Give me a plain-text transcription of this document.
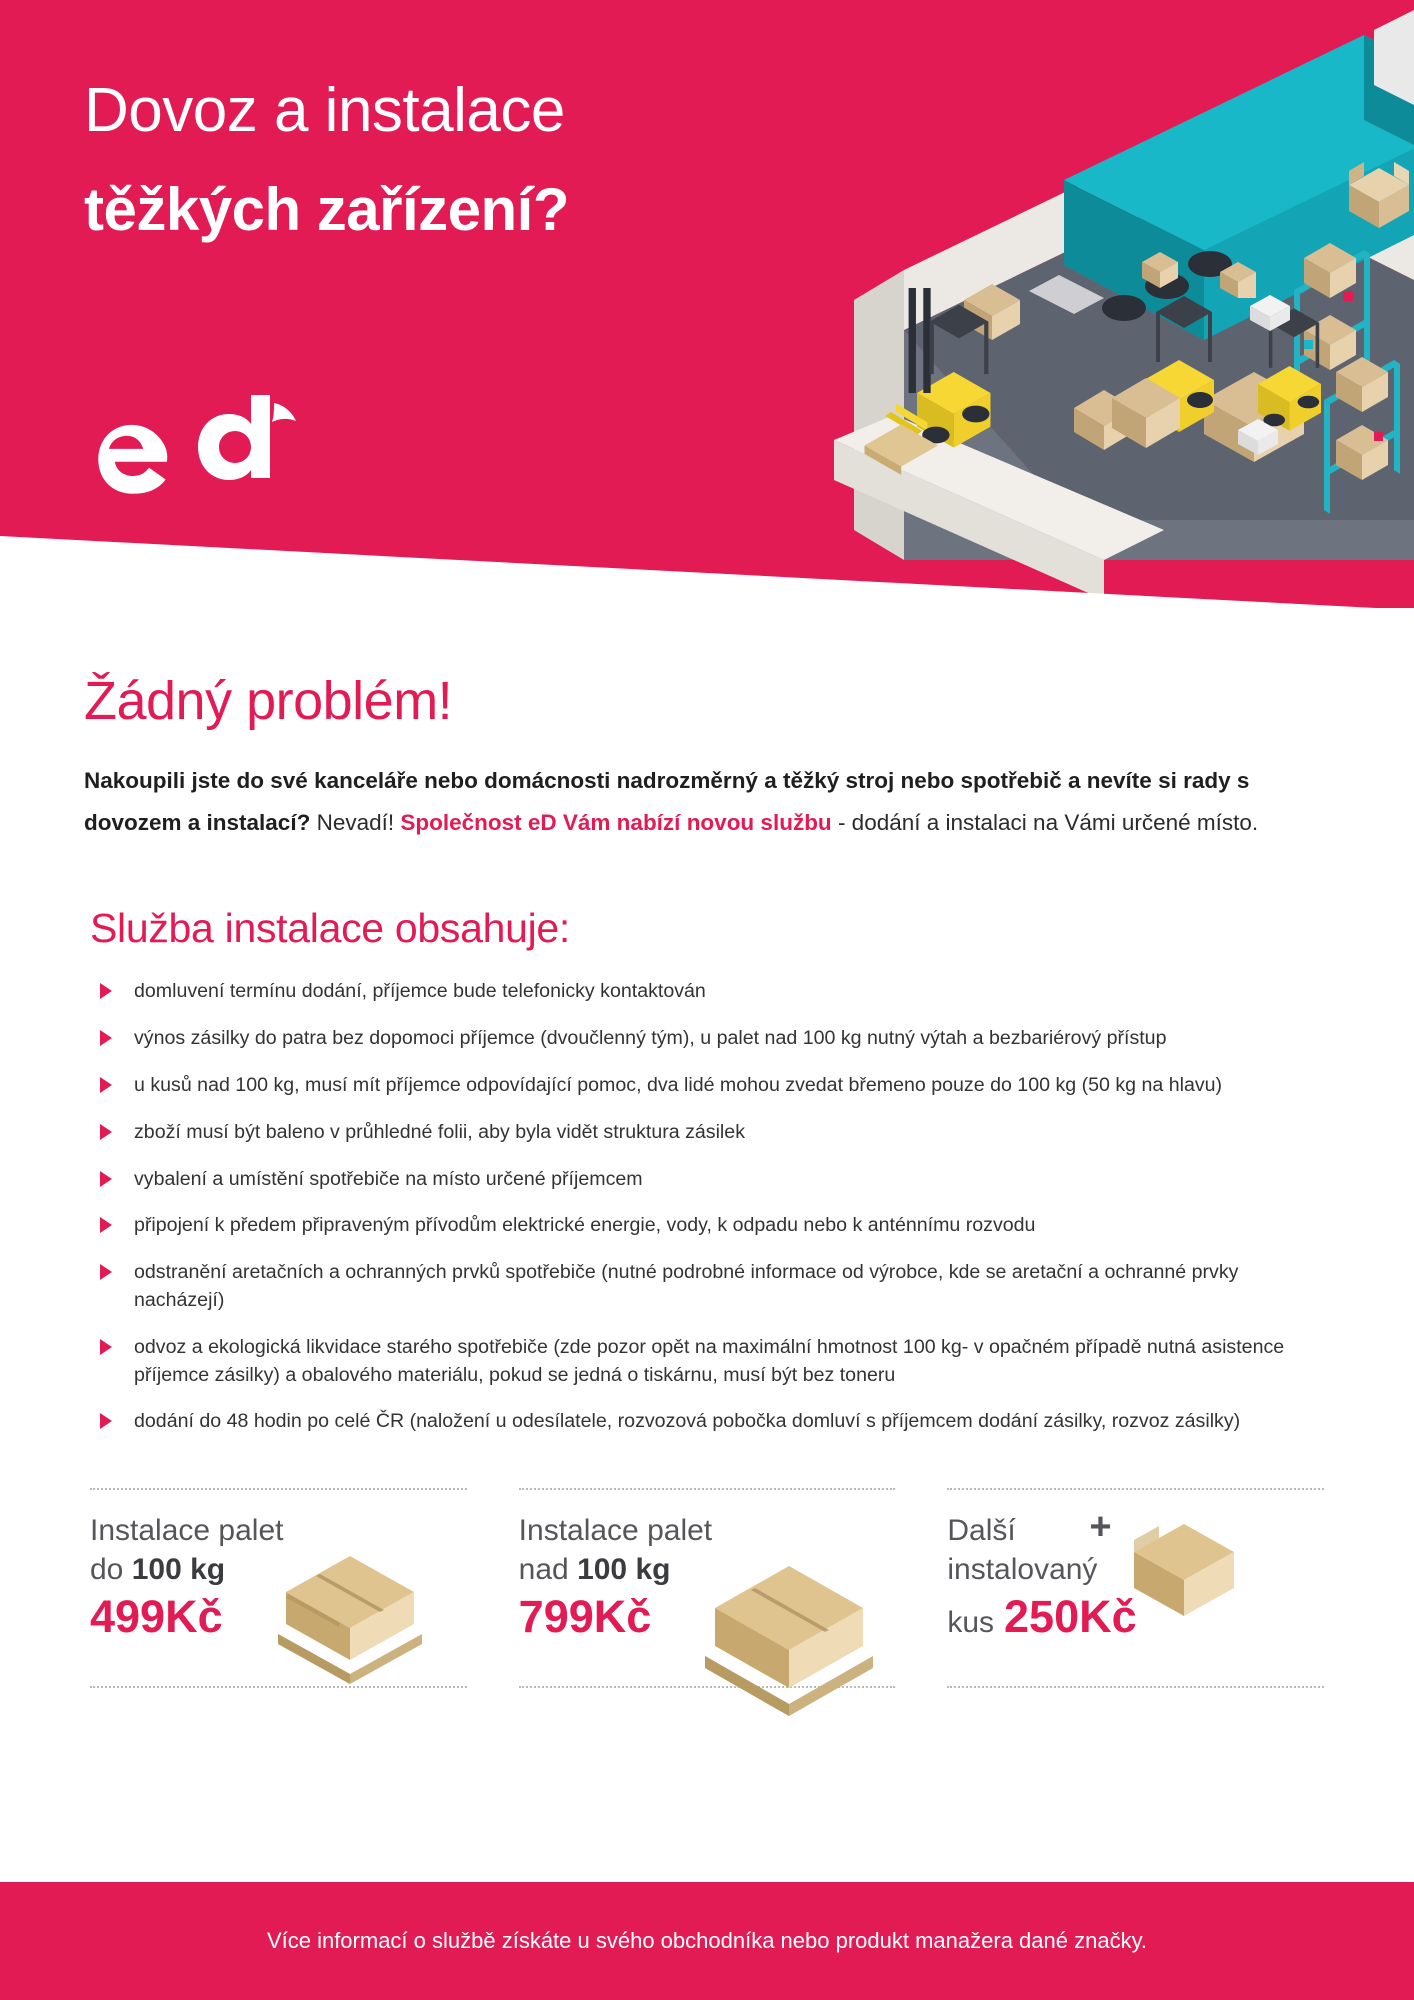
Dovoz a instalace
těžkých zařízení?
Žádný problém!

Nakoupili jste do své kanceláře nebo domácnosti nadrozměrný a těžký stroj nebo spotřebič a nevíte si rady s dovozem a instalací? Nevadí! Společnost eD Vám nabízí novou službu - dodání a instalaci na Vámi určené místo.

Služba instalace obsahuje:
domluvení termínu dodání, příjemce bude telefonicky kontaktován
výnos zásilky do patra bez dopomoci příjemce (dvoučlenný tým), u palet nad 100 kg nutný výtah a bezbariérový přístup
u kusů nad 100 kg, musí mít příjemce odpovídající pomoc, dva lidé mohou zvedat břemeno pouze do 100 kg (50 kg na hlavu)
zboží musí být baleno v průhledné folii, aby byla vidět struktura zásilek
vybalení a umístění spotřebiče na místo určené příjemcem
připojení k předem připraveným přívodům elektrické energie, vody, k odpadu nebo k anténnímu rozvodu
odstranění aretačních a ochranných prvků spotřebiče (nutné podrobné informace od výrobce, kde se aretační a ochranné prvky nacházejí)
odvoz a ekologická likvidace starého spotřebiče (zde pozor opět na maximální hmotnost 100 kg- v opačném případě nutná asistence příjemce zásilky) a obalového materiálu, pokud se jedná o tiskárnu, musí být bez toneru
dodání do 48 hodin po celé ČR (naložení u odesílatele, rozvozová pobočka domluví s příjemcem dodání zásilky, rozvoz zásilky)
Instalace palet
do 100 kg
499Kč
Instalace palet
nad 100 kg
799Kč
+
Další
instalovaný
kus 250Kč
Více informací o službě získáte u svého obchodníka nebo produkt manažera dané značky.
